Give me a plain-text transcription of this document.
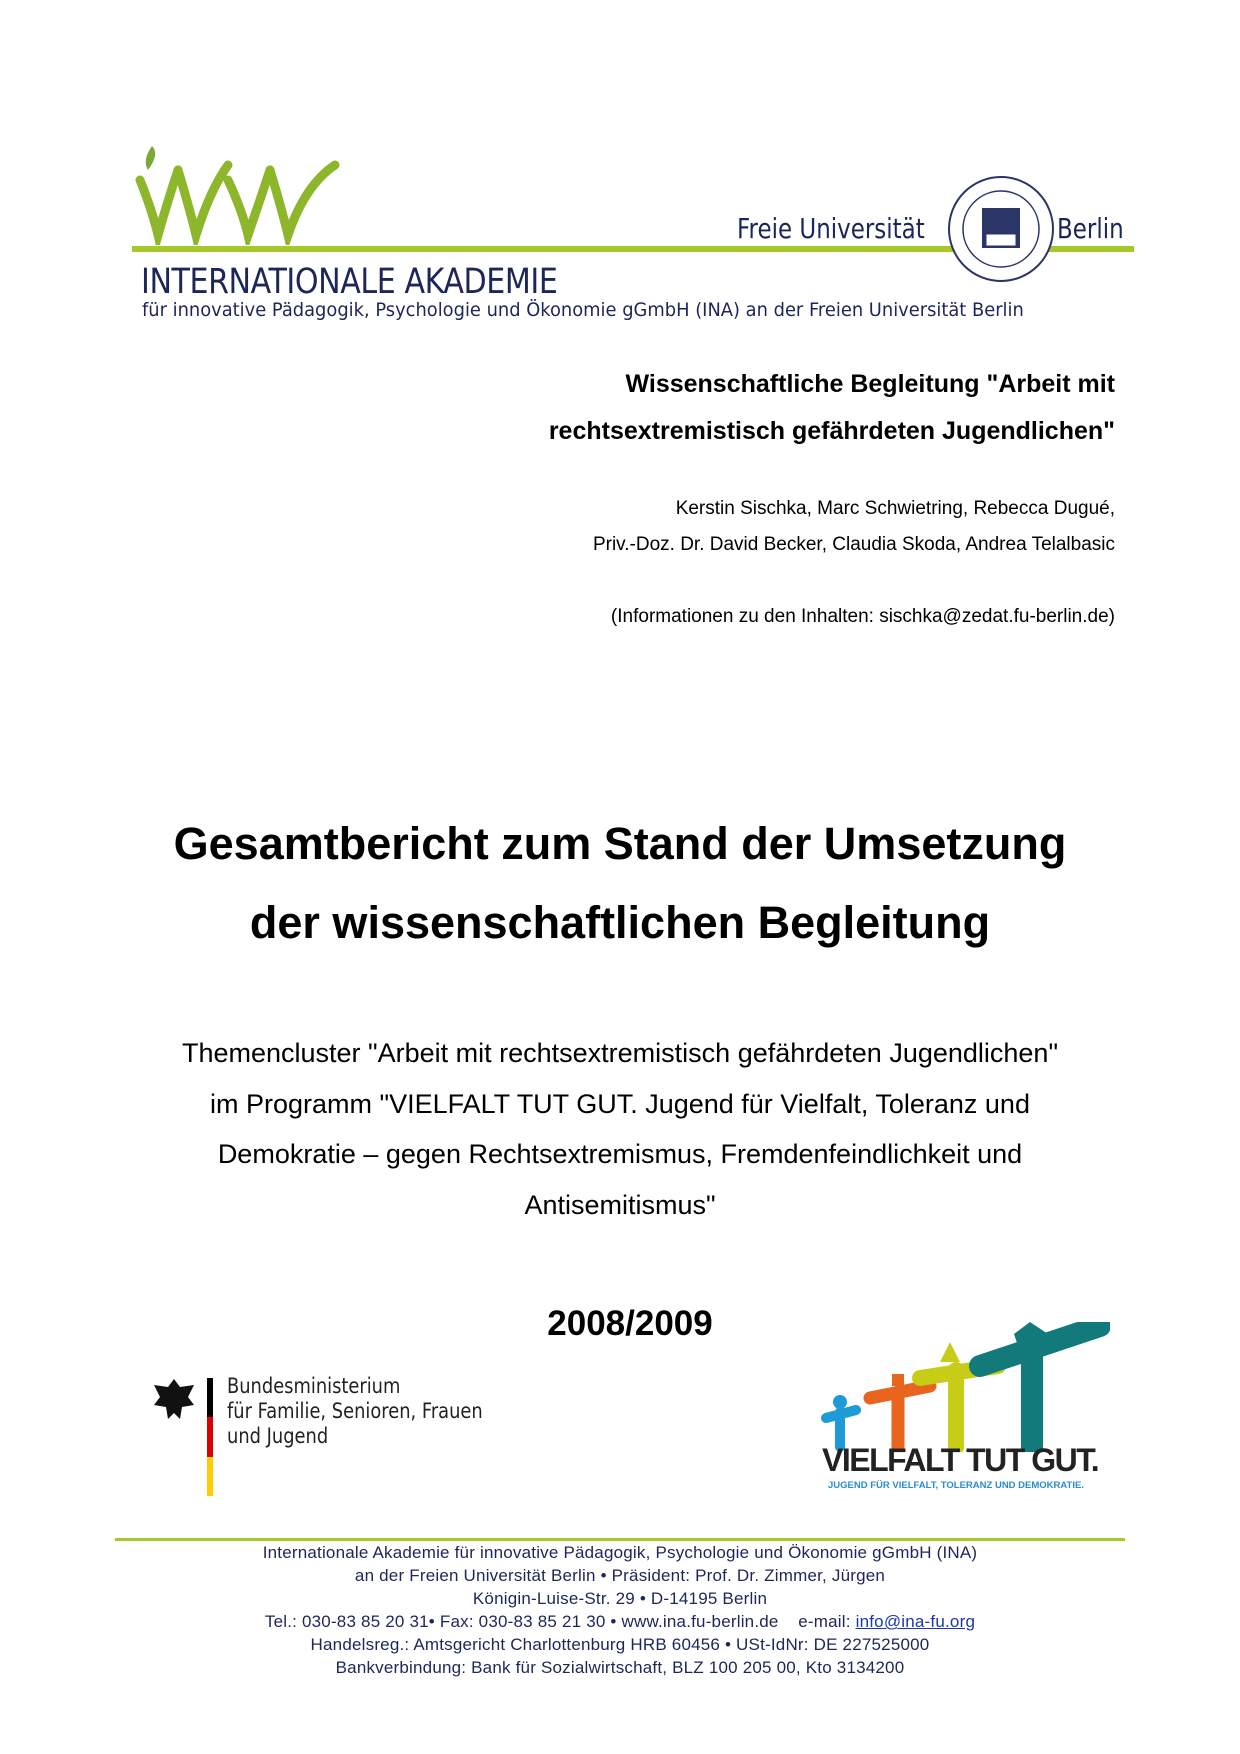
Freie Universität	Berlin
INTERNATIONALE AKADEMIE
für innovative Pädagogik, Psychologie und Ökonomie gGmbH (INA) an der Freien Universität Berlin
Wissenschaftliche Begleitung "Arbeit mit
rechtsextremistisch gefährdeten Jugendlichen"
Kerstin Sischka, Marc Schwietring, Rebecca Dugué,
Priv.-Doz. Dr. David Becker, Claudia Skoda, Andrea Telalbasic
(Informationen zu den Inhalten: sischka@zedat.fu-berlin.de)
Gesamtbericht zum Stand der Umsetzung
der wissenschaftlichen Begleitung
Themencluster "Arbeit mit rechtsextremistisch gefährdeten Jugendlichen"
im Programm "VIELFALT TUT GUT. Jugend für Vielfalt, Toleranz und
Demokratie – gegen Rechtsextremismus, Fremdenfeindlichkeit und
Antisemitismus"
2008/2009
Bundesministerium
für Familie, Senioren, Frauen
und Jugend
VIELFALT TUT GUT.
JUGEND FÜR VIELFALT, TOLERANZ UND DEMOKRATIE.
Internationale Akademie für innovative Pädagogik, Psychologie und Ökonomie gGmbH (INA)
an der Freien Universität Berlin • Präsident: Prof. Dr. Zimmer, Jürgen
Königin-Luise-Str. 29 • D-14195 Berlin
Tel.: 030-83 85 20 31• Fax: 030-83 85 21 30 • www.ina.fu-berlin.de    e-mail: info@ina-fu.org
Handelsreg.: Amtsgericht Charlottenburg HRB 60456 • USt-IdNr: DE 227525000
Bankverbindung: Bank für Sozialwirtschaft, BLZ 100 205 00, Kto 3134200
